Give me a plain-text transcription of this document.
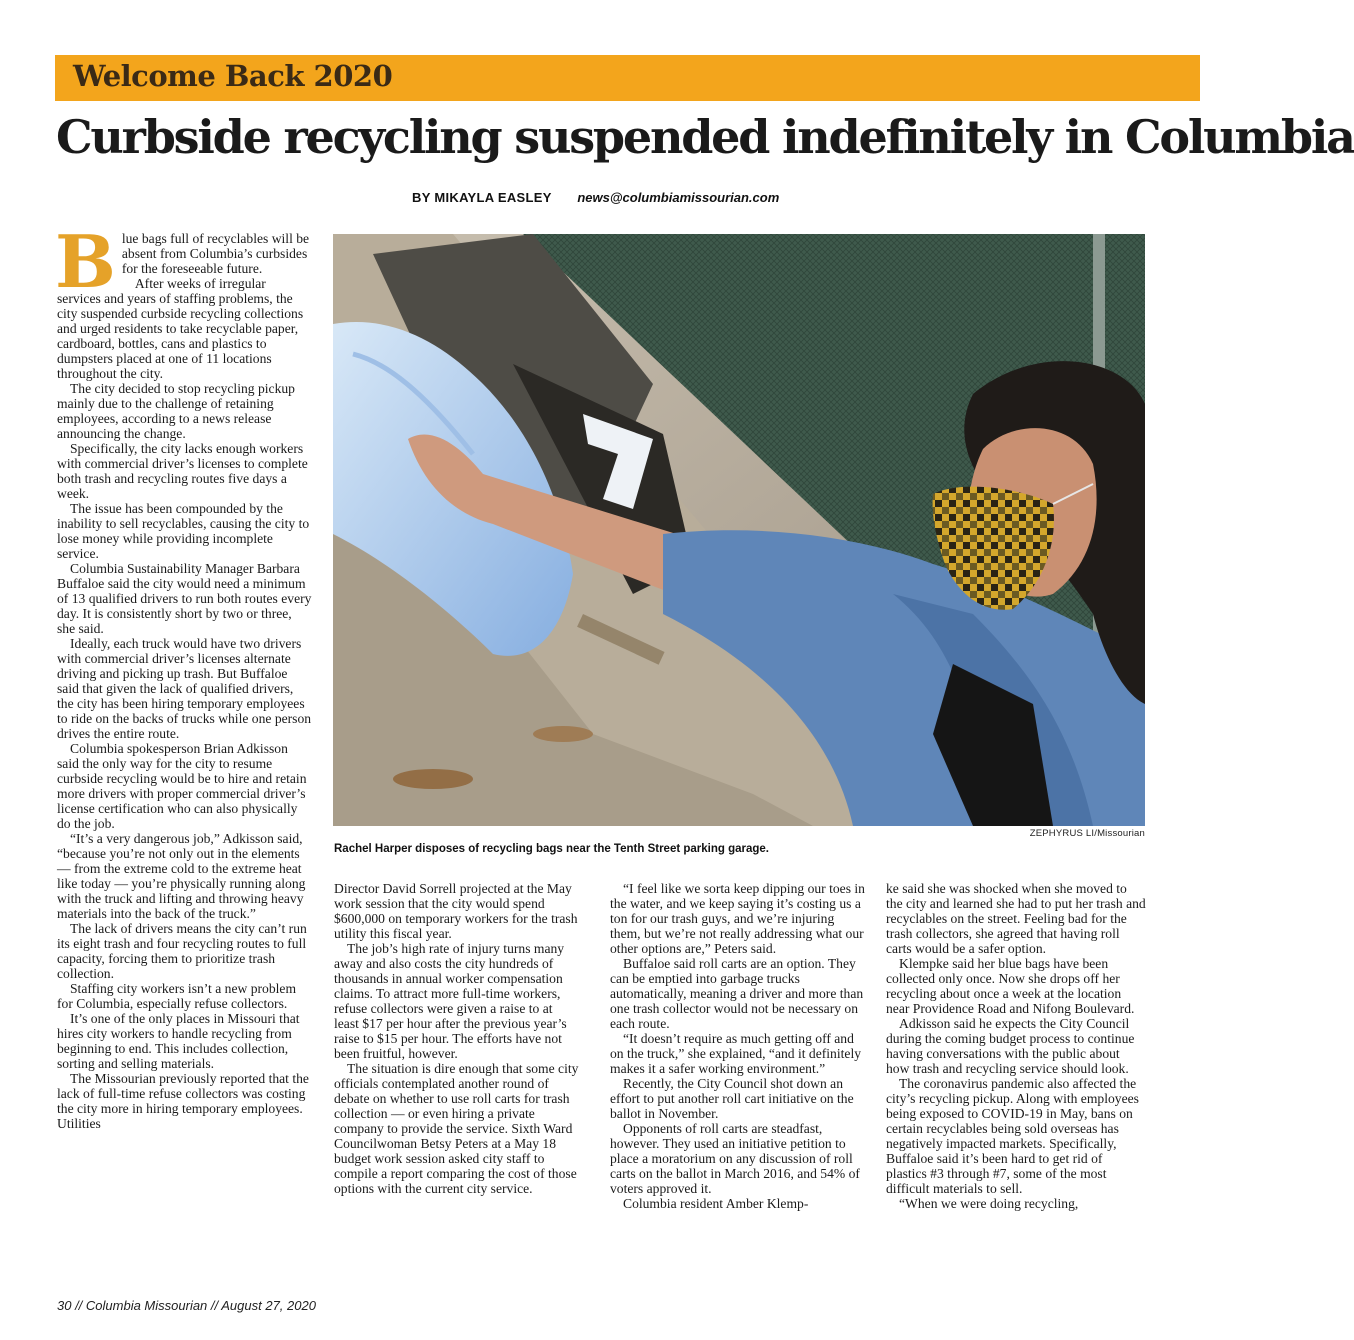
Welcome Back 2020
Curbside recycling suspended indefinitely in Columbia
BY MIKAYLA EASLEY news@columbiamissourian.com

Blue bags full of recyclables will be absent from Columbia’s curbsides for the foreseeable future.

After weeks of irregular services and years of staffing problems, the city suspended curbside recycling collections and urged residents to take recyclable paper, cardboard, bottles, cans and plastics to dumpsters placed at one of 11 locations throughout the city.

The city decided to stop recycling pickup mainly due to the challenge of retaining employees, according to a news release announcing the change.

Specifically, the city lacks enough workers with commercial driver’s licenses to complete both trash and recycling routes five days a week.

The issue has been compounded by the inability to sell recyclables, causing the city to lose money while providing incomplete service.

Columbia Sustainability Manager Barbara Buffaloe said the city would need a minimum of 13 qualified drivers to run both routes every day. It is consistently short by two or three, she said.

Ideally, each truck would have two drivers with commercial driver’s licenses alternate driving and picking up trash. But Buffaloe said that given the lack of qualified drivers, the city has been hiring temporary employees to ride on the backs of trucks while one person drives the entire route.

Columbia spokesperson Brian Adkisson said the only way for the city to resume curbside recycling would be to hire and retain more drivers with proper commercial driver’s license certification who can also physically do the job.

“It’s a very dangerous job,” Adkisson said, “because you’re not only out in the elements — from the extreme cold to the extreme heat like today — you’re physically running along with the truck and lifting and throwing heavy materials into the back of the truck.”

The lack of drivers means the city can’t run its eight trash and four recycling routes to full capacity, forcing them to prioritize trash collection.

Staffing city workers isn’t a new problem for Columbia, especially refuse collectors.

It’s one of the only places in Missouri that hires city workers to handle recycling from beginning to end. This includes collection, sorting and selling materials.

The Missourian previously reported that the lack of full-time refuse collectors was costing the city more in hiring temporary employees. Utilities

ZEPHYRUS LI/Missourian
Rachel Harper disposes of recycling bags near the Tenth Street parking garage.

Director David Sorrell projected at the May work session that the city would spend $600,000 on temporary workers for the trash utility this fiscal year.

The job’s high rate of injury turns many away and also costs the city hundreds of thousands in annual worker compensation claims. To attract more full-time workers, refuse collectors were given a raise to at least $17 per hour after the previous year’s raise to $15 per hour. The efforts have not been fruitful, however.

The situation is dire enough that some city officials contemplated another round of debate on whether to use roll carts for trash collection — or even hiring a private company to provide the service. Sixth Ward Councilwoman Betsy Peters at a May 18 budget work session asked city staff to compile a report comparing the cost of those options with the current city service.

“I feel like we sorta keep dipping our toes in the water, and we keep saying it’s costing us a ton for our trash guys, and we’re injuring them, but we’re not really addressing what our other options are,” Peters said.

Buffaloe said roll carts are an option. They can be emptied into garbage trucks automatically, meaning a driver and more than one trash collector would not be necessary on each route.

“It doesn’t require as much getting off and on the truck,” she explained, “and it definitely makes it a safer working environment.”

Recently, the City Council shot down an effort to put another roll cart initiative on the ballot in November.

Opponents of roll carts are steadfast, however. They used an initiative petition to place a moratorium on any discussion of roll carts on the ballot in March 2016, and 54% of voters approved it.

Columbia resident Amber Klemp-

ke said she was shocked when she moved to the city and learned she had to put her trash and recyclables on the street. Feeling bad for the trash collectors, she agreed that having roll carts would be a safer option.

Klempke said her blue bags have been collected only once. Now she drops off her recycling about once a week at the location near Providence Road and Nifong Boulevard.

Adkisson said he expects the City Council during the coming budget process to continue having conversations with the public about how trash and recycling service should look.

The coronavirus pandemic also affected the city’s recycling pickup. Along with employees being exposed to COVID-19 in May, bans on certain recyclables being sold overseas has negatively impacted markets. Specifically, Buffaloe said it’s been hard to get rid of plastics #3 through #7, some of the most difficult materials to sell.

“When we were doing recycling,

30 // Columbia Missourian // August 27, 2020
